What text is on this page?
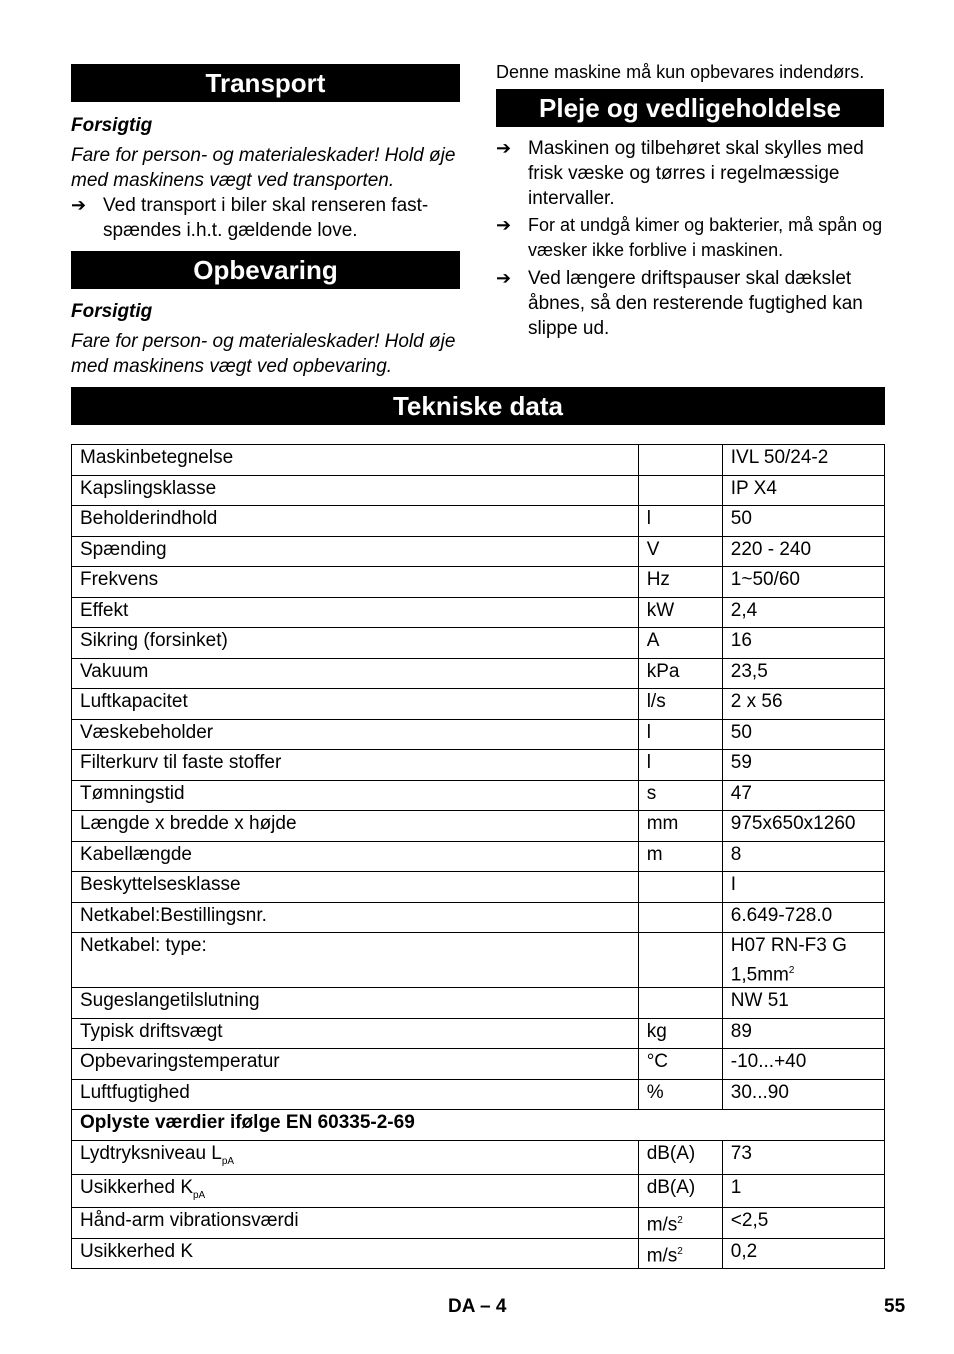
Transport
Forsigtig
Fare for person- og materialeskader! Hold øje med maskinens vægt ved transporten.
➔ Ved transport i biler skal renseren fast-spændes i.h.t. gældende love.
Opbevaring
Forsigtig
Fare for person- og materialeskader! Hold øje med maskinens vægt ved opbevaring.
Denne maskine må kun opbevares indendørs.
Pleje og vedligeholdelse
➔ Maskinen og tilbehøret skal skylles med frisk væske og tørres i regelmæssige intervaller.
➔ For at undgå kimer og bakterier, må spån og væsker ikke forblive i maskinen.
➔ Ved længere driftspauser skal dækslet åbnes, så den resterende fugtighed kan slippe ud.
Tekniske data
Maskinbetegnelse		IVL 50/24-2
Kapslingsklasse		IP X4
Beholderindhold	l	50
Spænding	V	220 - 240
Frekvens	Hz	1~50/60
Effekt	kW	2,4
Sikring (forsinket)	A	16
Vakuum	kPa	23,5
Luftkapacitet	l/s	2 x 56
Væskebeholder	l	50
Filterkurv til faste stoffer	l	59
Tømningstid	s	47
Længde x bredde x højde	mm	975x650x1260
Kabellængde	m	8
Beskyttelsesklasse		I
Netkabel:Bestillingsnr.		6.649-728.0
Netkabel: type:		H07 RN-F3 G
$1,5mm^2$
Sugeslangetilslutning		NW 51
Typisk driftsvægt	kg	89
Opbevaringstemperatur	°C	-10...+40
Luftfugtighed	%	30...90
Oplyste værdier ifølge EN 60335-2-69		
Lydtryksniveau $L_{pA}$	dB(A)	73
Usikkerhed $K_{pA}$	dB(A)	1
Hånd-arm vibrationsværdi	$m/s^2$	<2,5
Usikkerhed K	$m/s^2$	0,2
DA – 4	55
